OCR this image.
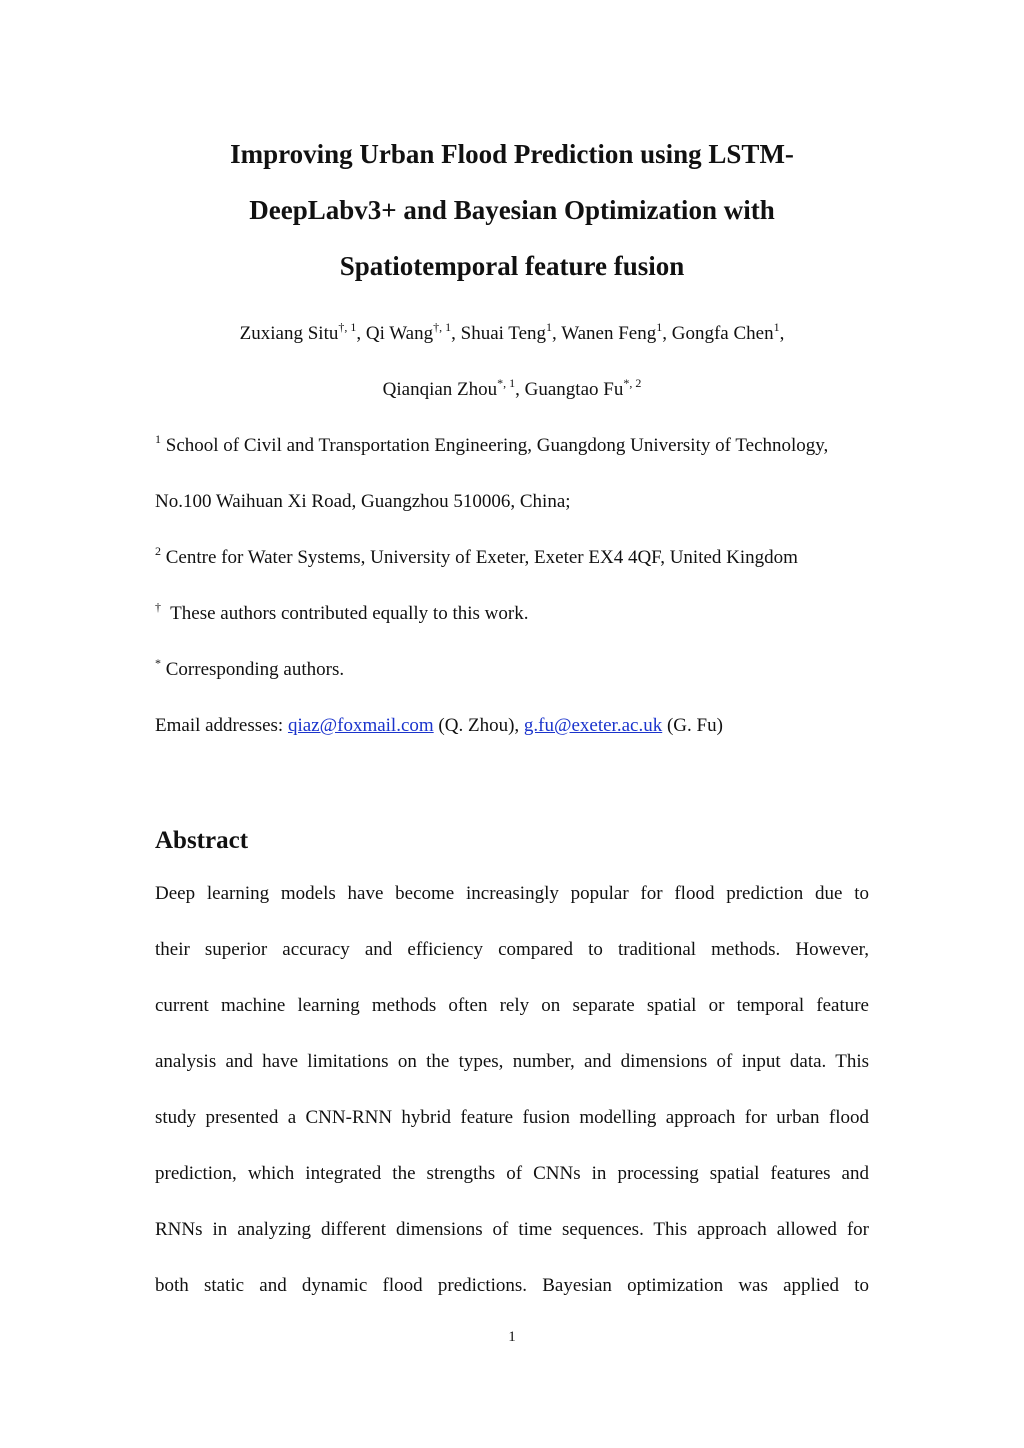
Improving Urban Flood Prediction using LSTM-
DeepLabv3+ and Bayesian Optimization with
Spatiotemporal feature fusion
Zuxiang Situ$^{\dagger, 1}$, Qi Wang$^{\dagger, 1}$, Shuai Teng$^1$, Wanen Feng$^1$, Gongfa Chen$^1$,
Qianqian Zhou$^{*, 1}$, Guangtao $Fu^{*, 2}$
$^1$ School of Civil and Transportation Engineering, Guangdong University of Technology,
No.100 Waihuan Xi Road, Guangzhou 510006, China;
$^2$ Centre for Water Systems, University of Exeter, Exeter EX4 4QF, United Kingdom
† These authors contributed equally to this work.
* Corresponding authors.
Email addresses: qiaz@foxmail.com (Q. Zhou), g.fu@exeter.ac.uk (G. Fu)
Abstract
Deep learning models have become increasingly popular for flood prediction due to
their superior accuracy and efficiency compared to traditional methods. However,
current machine learning methods often rely on separate spatial or temporal feature
analysis and have limitations on the types, number, and dimensions of input data. This
study presented a CNN-RNN hybrid feature fusion modelling approach for urban flood
prediction, which integrated the strengths of CNNs in processing spatial features and
RNNs in analyzing different dimensions of time sequences. This approach allowed for
both static and dynamic flood predictions. Bayesian optimization was applied to
1
